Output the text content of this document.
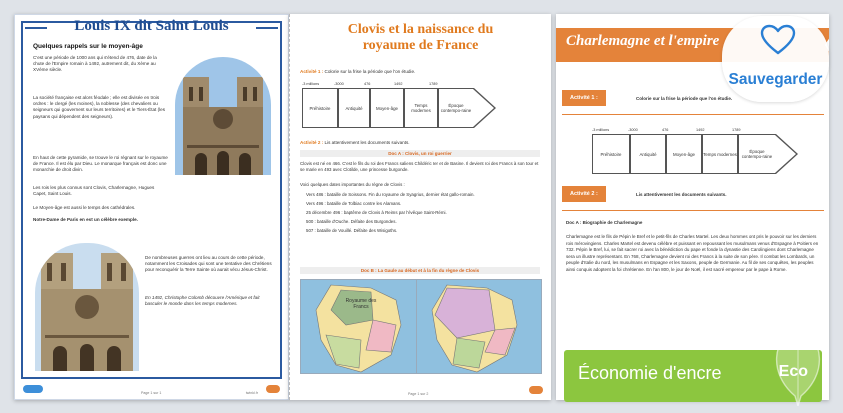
Louis IX dit Saint Louis
Quelques rappels sur le moyen-âge
C'est une période de 1000 ans qui s'étend de 476, date de la chute de l'Empire romain à 1492, autrement dit, du Xème au XVème siècle.
La société française est alors féodale ; elle est divisée en trois ordres : le clergé (les moines), la noblesse (des chevaliers ou seigneurs qui gouvernent sur leurs territoires) et le Tiers-État (les paysans qui dépendent des seigneurs).
En haut de cette pyramide, se trouve le roi régnant sur le royaume de France. Il est élu par Dieu. Le monarque français est donc une monarchie de droit divin.
Les rois les plus connus sont Clovis, Charlemagne, Hugues Capet, Saint Louis.
Le Moyen-âge est aussi le temps des cathédrales.
Notre-Dame de Paris en est un célèbre exemple.
De nombreuses guerres ont lieu au cours de cette période, notamment les Croisades qui sont une tentative des Chrétiens pour reconquérir la Terre Sainte où aurait vécu Jésus-Christ.
En 1492, Christophe Colomb découvre l'Amérique et fait basculer le monde dans les temps modernes.
Page 1 sur 1	twinkl.fr
Clovis et la naissance du royaume de France
Activité 1 : Colorie sur la frise la période que l'on étudie.
-3 millions	-3000	476	1492	1789
Préhistoire	Antiquité	Moyen-âge	Temps modernes
Époque contempo-raine
Activité 2 : Lis attentivement les documents suivants.
Doc A : Clovis, un roi guerrier
Clovis est né en 466. C'est le fils du roi des Francs saliens Childéric Ier et de Basine. Il devient roi des Francs à son tour et se marie en 493 avec Clotilde, une princesse burgonde.
Voici quelques dates importantes du règne de Clovis :
Vers 486 : bataille de Soissons. Fin du royaume de Syagrius, dernier état gallo-romain.
Vers 496 : bataille de Tolbiac contre les Alamans.
25 décembre 496 : baptême de Clovis à Reims par l'évêque Saint-Rémi.
500 : bataille d'Ouche. Défaite des Burgondes.
507 : bataille de Vouillé. Défaite des Wisigoths.
Doc B : La Gaule au début et à la fin du règne de Clovis
Royaume des Francs
Page 1 sur 2
Charlemagne et l'empire
Activité 1 :	Colorie sur la frise la période que l'on étudie.
-3 millions	-3000	476	1492	1789
Préhistoire	Antiquité	Moyen-âge	Temps modernes	Époque contempo-raine
Activité 2 :	Lis attentivement les documents suivants.
Doc A : Biographie de Charlemagne
Charlemagne est le fils de Pépin le Bref et le petit-fils de Charles Martel. Les deux hommes ont pris le pouvoir sur les derniers rois mérovingiens. Charles Martel est devenu célèbre et puissant en repoussant les musulmans venus d'Espagne à Poitiers en 732. Pépin le Bref, lui, se fait sacrer roi avec la bénédiction du pape et fonde la dynastie des Carolingiens dont Charlemagne sera un illustre représentant. En 768, Charlemagne devient roi des Francs à la suite de son père. Il combat les Lombards, un peuple d'Italie du nord, les musulmans en Espagne et les Saxons, peuple de Germanie. Au fil de ses conquêtes, les peuples ainsi conquis adoptent la foi chrétienne. En l'an 800, le jour de Noël, il est sacré empereur par le pape à Rome.
Sauvegarder
Économie d'encre
